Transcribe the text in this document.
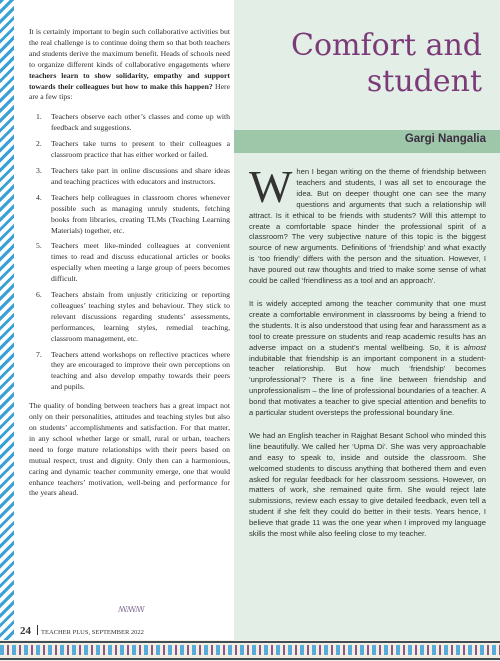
It is certainly important to begin such collaborative activities but the real challenge is to continue doing them so that both teachers and students derive the maximum benefit. Heads of schools need to organize different kinds of collaborative engagements where teachers learn to show solidarity, empathy and support towards their colleagues but how to make this happen? Here are a few tips:

1. Teachers observe each other’s classes and come up with feedback and suggestions.
2. Teachers take turns to present to their colleagues a classroom practice that has either worked or failed.
3. Teachers take part in online discussions and share ideas and teaching practices with educators and instructors.
4. Teachers help colleagues in classroom chores whenever possible such as managing unruly students, fetching books from libraries, creating TLMs (Teaching Learning Materials) together, etc.
5. Teachers meet like-minded colleagues at convenient times to read and discuss educational articles or books especially when meeting a large group of peers becomes difficult.
6. Teachers abstain from unjustly criticizing or reporting colleagues’ teaching styles and behaviour. They stick to relevant discussions regarding students’ assessments, performances, learning styles, remedial teaching, classroom management, etc.
7. Teachers attend workshops on reflective practices where they are encouraged to improve their own perceptions on teaching and also develop empathy towards their peers and pupils.

The quality of bonding between teachers has a great impact not only on their personalities, attitudes and teaching styles but also on students’ accomplishments and satisfaction. For that matter, in any school whether large or small, rural or urban, teachers need to forge mature relationships with their peers based on mutual respect, trust and dignity. Only then can a harmonious, caring and dynamic teacher community emerge, one that would enhance teachers’ motivation, well-being and performance for the years ahead.

ꟿꟿꟿ
Comfort and student
Gargi Nangalia

When I began writing on the theme of friendship between teachers and students, I was all set to encourage the idea. But on deeper thought one can see the many questions and arguments that such a relationship will attract. Is it ethical to be friends with students? Will this attempt to create a comfortable space hinder the professional spirit of a classroom? The very subjective nature of this topic is the biggest source of new arguments. Definitions of ‘friendship’ and what exactly is ‘too friendly’ differs with the person and the situation. However, I have poured out raw thoughts and tried to make some sense of what could be called ‘friendliness as a tool and an approach’.

It is widely accepted among the teacher community that one must create a comfortable environment in classrooms by being a friend to the students. It is also understood that using fear and harassment as a tool to create pressure on students and reap academic results has an adverse impact on a student’s mental wellbeing. So, it is almost indubitable that friendship is an important component in a student-teacher relationship. But how much ‘friendship’ becomes ‘unprofessional’? There is a fine line between friendship and unprofessionalism – the line of professional boundaries of a teacher. A bond that motivates a teacher to give special attention and benefits to a particular student oversteps the professional boundary line.

We had an English teacher in Rajghat Besant School who minded this line beautifully. We called her ‘Upma Di’. She was very approachable and easy to speak to, inside and outside the classroom. She welcomed students to discuss anything that bothered them and even asked for regular feedback for her classroom sessions. However, on matters of work, she remained quite firm. She would reject late submissions, review each essay to give detailed feedback, even tell a student if she felt they could do better in their tests. Years hence, I believe that grade 11 was the one year when I improved my language skills the most while also feeling close to my teacher.

24 TEACHER PLUS, SEPTEMBER 2022
